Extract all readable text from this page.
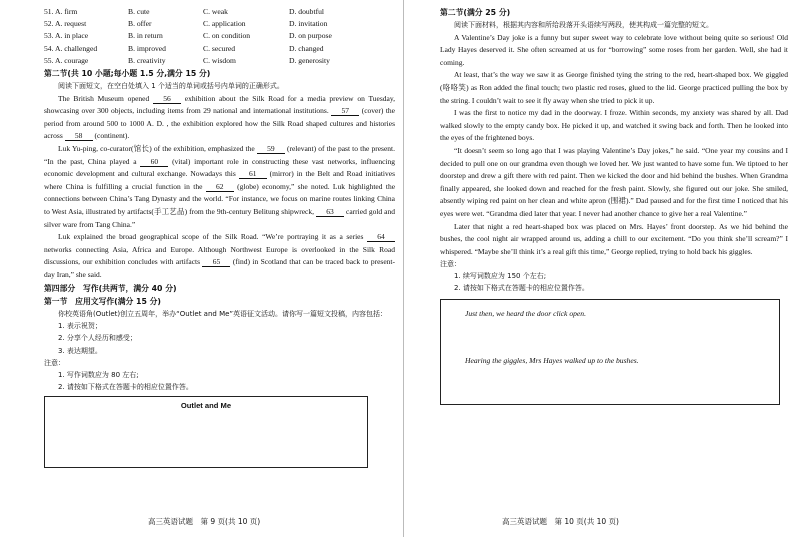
51. A. firm	B. cute	C. weak	D. doubtful
52. A. request	B. offer	C. application	D. invitation
53. A. in place	B. in return	C. on condition	D. on purpose
54. A. challenged	B. improved	C. secured	D. changed
55. A. courage	B. creativity	C. wisdom	D. generosity
第二节(共 10 小题;每小题 1.5 分,满分 15 分)

阅读下面短文，在空白处填入 1 个适当的单词或括号内单词的正确形式。

The British Museum opened 56 exhibition about the Silk Road for a media preview on Tuesday, showcasing over 300 objects, including items from 29 national and international institutions. 57 (cover) the period from around 500 to 1000 A. D. , the exhibition explored how the Silk Road shaped cultures and histories across 58 (continent).

Luk Yu-ping, co-curator(馆长) of the exhibition, emphasized the 59 (relevant) of the past to the present. “In the past, China played a 60 (vital) important role in constructing these vast networks, influencing economic development and cultural exchange. Nowadays this 61 (mirror) in the Belt and Road initiatives where China is fulfilling a crucial function in the 62 (globe) economy,” she noted. Luk highlighted the connections between China’s Tang Dynasty and the world. “For instance, we focus on marine routes linking China to West Asia, illustrated by artifacts(手工艺品) from the 9th-century Belitung shipwreck, 63 carried gold and silver ware from Tang China.”

Luk explained the broad geographical scope of the Silk Road. “We’re portraying it as a series 64 networks connecting Asia, Africa and Europe. Although Northwest Europe is overlooked in the Silk Road discussions, our exhibition concludes with artifacts 65 (find) in Scotland that can be traced back to present-day Iran,” she said.

第四部分　写作(共两节，满分 40 分)
第一节　应用文写作(满分 15 分)

你校英语角(Outlet)创立五周年，举办“Outlet and Me”英语征文活动。请你写一篇短文投稿，内容包括：

1. 表示祝贺；
2. 分享个人经历和感受；
3. 表达期望。
注意：
1. 写作词数应为 80 左右;
2. 请按如下格式在答题卡的相应位置作答。
Outlet and Me
高三英语试题　第 9 页(共 10 页)
第二节(满分 25 分)

阅读下面材料，根据其内容和所给段落开头语续写两段，使其构成一篇完整的短文。

A Valentine’s Day joke is a funny but super sweet way to celebrate love without being quite so serious! Old Lady Hayes deserved it. She often screamed at us for “borrowing” some roses from her garden. Well, she had it coming.

At least, that’s the way we saw it as George finished tying the string to the red, heart-shaped box. We giggled (咯咯笑) as Ron added the final touch; two plastic red roses, glued to the lid. George practiced pulling the box by the string. I couldn’t wait to see it fly away when she tried to pick it up.

I was the first to notice my dad in the doorway. I froze. Within seconds, my anxiety was shared by all. Dad walked slowly to the empty candy box. He picked it up, and watched it swing back and forth. Then he looked into the eyes of the frightened boys.

“It doesn’t seem so long ago that I was playing Valentine’s Day jokes,” he said. “One year my cousins and I decided to pull one on our grandma even though we loved her. We just wanted to have some fun. We tiptoed to her doorstep and drew a gift there with red paint. Then we kicked the door and hid behind the bushes. When Grandma finally appeared, she looked down and reached for the fresh paint. Slowly, she figured out our joke. She smiled, absently wiping red paint on her clean and white apron (围裙).” Dad paused and for the first time I noticed that his eyes were wet. “Grandma died later that year. I never had another chance to give her a real Valentine.”

Later that night a red heart-shaped box was placed on Mrs. Hayes’ front doorstep. As we hid behind the bushes, the cool night air wrapped around us, adding a chill to our excitement. “Do you think she’ll scream?” I whispered. “Maybe she’ll think it’s a real gift this time,” George replied, trying to hold back his giggles.

注意：
1. 续写词数应为 150 个左右;
2. 请按如下格式在答题卡的相应位置作答。
Just then, we heard the door click open.
Hearing the giggles, Mrs Hayes walked up to the bushes.
高三英语试题　第 10 页(共 10 页)
